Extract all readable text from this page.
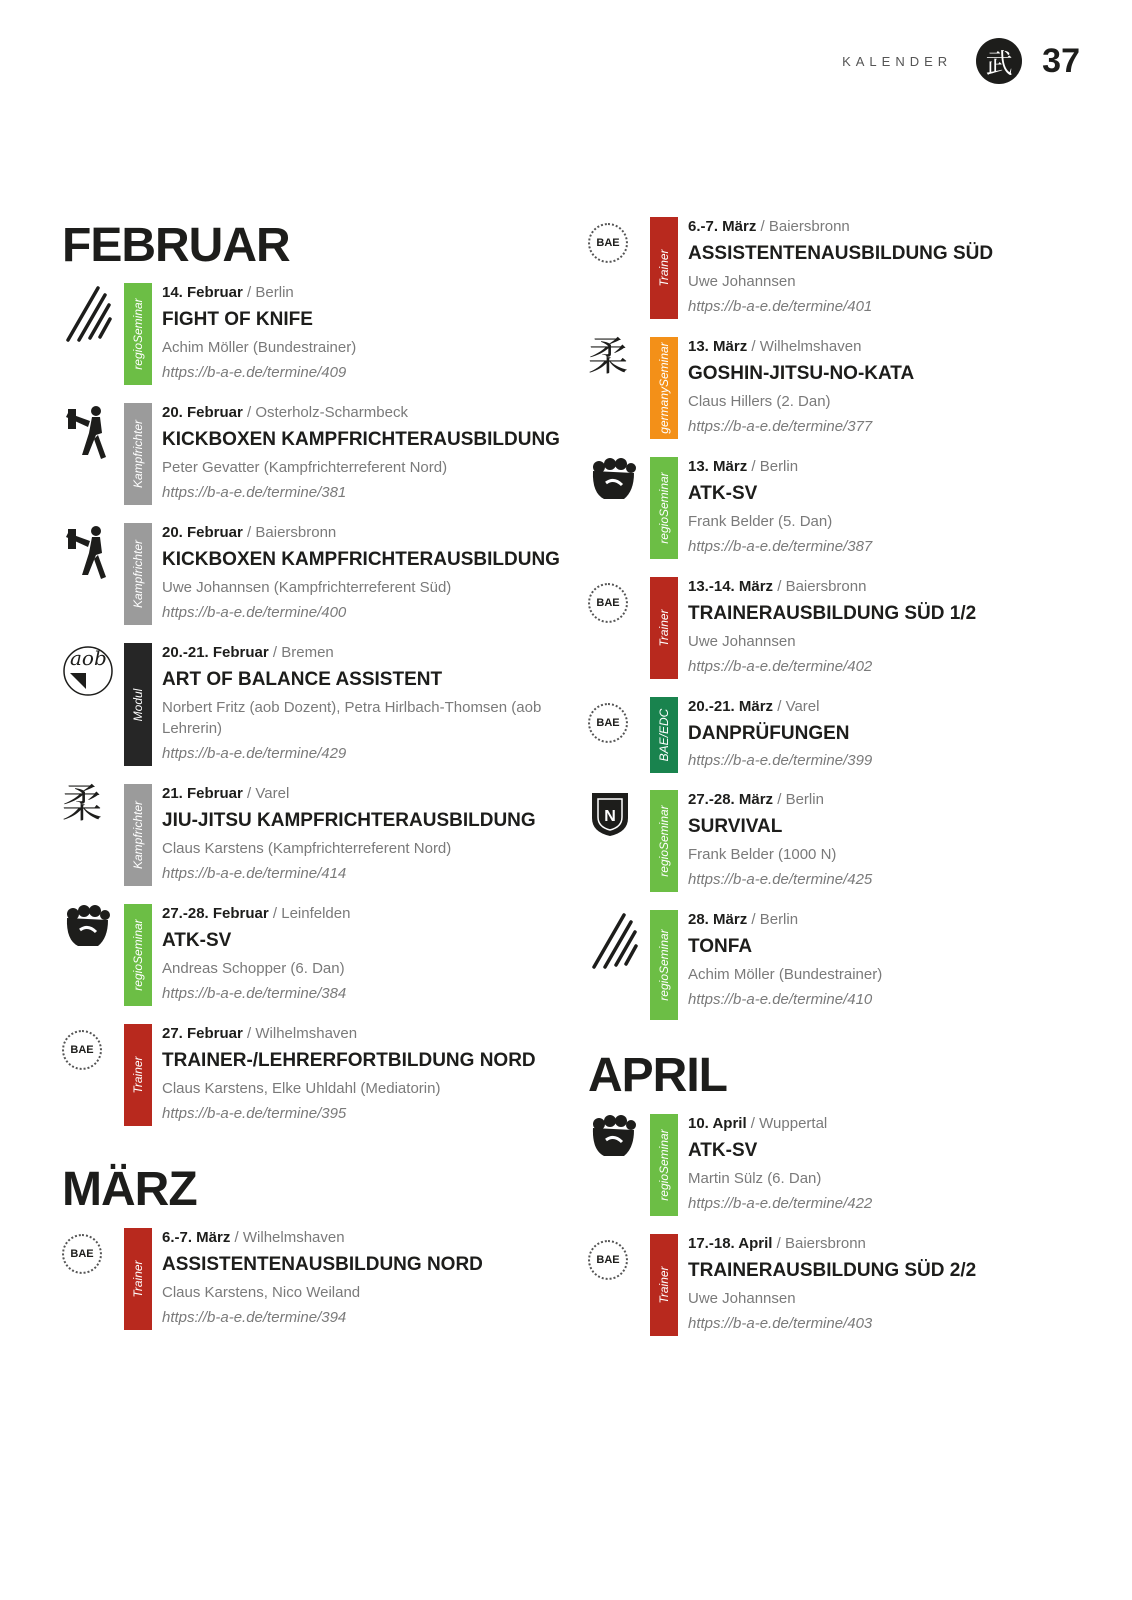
KALENDER	武 37
FEBRUAR
regioSeminar
14. Februar / Berlin
FIGHT OF KNIFE
Achim Möller (Bundestrainer)
https://b-a-e.de/termine/409
Kampfrichter
20. Februar / Osterholz-Scharmbeck
KICKBOXEN KAMPFRICHTERAUSBILDUNG
Peter Gevatter (Kampfrichterreferent Nord)
https://b-a-e.de/termine/381
Kampfrichter
20. Februar / Baiersbronn
KICKBOXEN KAMPFRICHTERAUSBILDUNG
Uwe Johannsen (Kampfrichterreferent Süd)
https://b-a-e.de/termine/400
aob
Modul
20.-21. Februar / Bremen
ART OF BALANCE ASSISTENT
Norbert Fritz (aob Dozent), Petra Hirlbach-Thomsen (aob Lehrerin)
https://b-a-e.de/termine/429
柔	Kampfrichter
21. Februar / Varel
JIU-JITSU KAMPFRICHTERAUSBILDUNG
Claus Karstens (Kampfrichterreferent Nord)
https://b-a-e.de/termine/414
regioSeminar
27.-28. Februar / Leinfelden
ATK-SV
Andreas Schopper (6. Dan)
https://b-a-e.de/termine/384
BAE
Trainer
27. Februar / Wilhelmshaven
TRAINER-/LEHRERFORTBILDUNG NORD
Claus Karstens, Elke Uhldahl (Mediatorin)
https://b-a-e.de/termine/395
MÄRZ
BAE
Trainer
6.-7. März / Wilhelmshaven
ASSISTENTENAUSBILDUNG NORD
Claus Karstens, Nico Weiland
https://b-a-e.de/termine/394
BAE
Trainer
6.-7. März / Baiersbronn
ASSISTENTENAUSBILDUNG SÜD
Uwe Johannsen
https://b-a-e.de/termine/401
柔	germanySeminar 13. März / Wilhelmshaven
GOSHIN-JITSU-NO-KATA
Claus Hillers (2. Dan)
https://b-a-e.de/termine/377
regioSeminar
13. März / Berlin
ATK-SV
Frank Belder (5. Dan)
https://b-a-e.de/termine/387
BAE
Trainer
13.-14. März / Baiersbronn
TRAINERAUSBILDUNG SÜD 1/2
Uwe Johannsen
https://b-a-e.de/termine/402
BAE	BAE/EDC
20.-21. März / Varel
DANPRÜFUNGEN
https://b-a-e.de/termine/399
N	regioSeminar
27.-28. März / Berlin
SURVIVAL
Frank Belder (1000 N)
https://b-a-e.de/termine/425
regioSeminar
28. März / Berlin
TONFA
Achim Möller (Bundestrainer)
https://b-a-e.de/termine/410
APRIL
regioSeminar
10. April / Wuppertal
ATK-SV
Martin Sülz (6. Dan)
https://b-a-e.de/termine/422
BAE
Trainer
17.-18. April / Baiersbronn
TRAINERAUSBILDUNG SÜD 2/2
Uwe Johannsen
https://b-a-e.de/termine/403
